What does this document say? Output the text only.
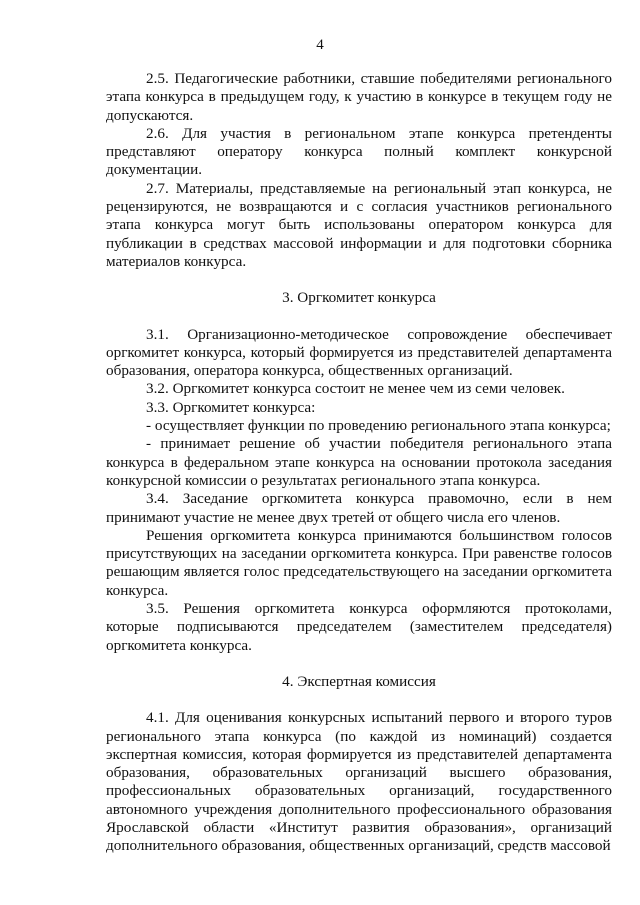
4

2.5. Педагогические работники, ставшие победителями регионального этапа конкурса в предыдущем году, к участию в конкурсе в текущем году не допускаются.

2.6. Для участия в региональном этапе конкурса претенденты представляют оператору конкурса полный комплект конкурсной документации.

2.7. Материалы, представляемые на региональный этап конкурса, не рецензируются, не возвращаются и с согласия участников регионального этапа конкурса могут быть использованы оператором конкурса для публикации в средствах массовой информации и для подготовки сборника материалов конкурса.

3. Оргкомитет конкурса

3.1. Организационно-методическое сопровождение обеспечивает оргкомитет конкурса, который формируется из представителей департамента образования, оператора конкурса, общественных организаций.

3.2. Оргкомитет конкурса состоит не менее чем из семи человек.

3.3. Оргкомитет конкурса:

- осуществляет функции по проведению регионального этапа конкурса;

- принимает решение об участии победителя регионального этапа конкурса в федеральном этапе конкурса на основании протокола заседания конкурсной комиссии о результатах регионального этапа конкурса.

3.4. Заседание оргкомитета конкурса правомочно, если в нем принимают участие не менее двух третей от общего числа его членов.

Решения оргкомитета конкурса принимаются большинством голосов присутствующих на заседании оргкомитета конкурса. При равенстве голосов решающим является голос председательствующего на заседании оргкомитета конкурса.

3.5. Решения оргкомитета конкурса оформляются протоколами, которые подписываются председателем (заместителем председателя) оргкомитета конкурса.

4. Экспертная комиссия

4.1. Для оценивания конкурсных испытаний первого и второго туров регионального этапа конкурса (по каждой из номинаций) создается экспертная комиссия, которая формируется из представителей департамента образования, образовательных организаций высшего образования, профессиональных образовательных организаций, государственного автономного учреждения дополнительного профессионального образования Ярославской области «Институт развития образования», организаций дополнительного образования, общественных организаций, средств массовой
